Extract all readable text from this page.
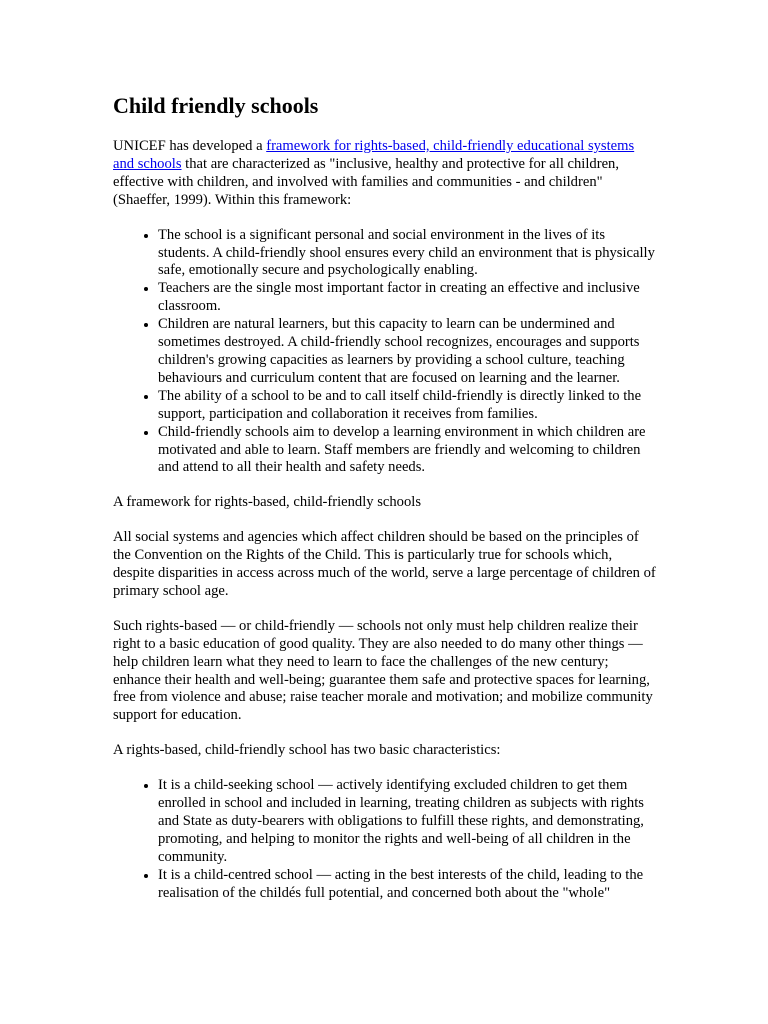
Child friendly schools

UNICEF has developed a framework for rights-based, child-friendly educational systems and schools that are characterized as "inclusive, healthy and protective for all children, effective with children, and involved with families and communities - and children" (Shaeffer, 1999). Within this framework:

• The school is a significant personal and social environment in the lives of its students. A child-friendly shool ensures every child an environment that is physically safe, emotionally secure and psychologically enabling.
• Teachers are the single most important factor in creating an effective and inclusive classroom.
• Children are natural learners, but this capacity to learn can be undermined and sometimes destroyed. A child-friendly school recognizes, encourages and supports children's growing capacities as learners by providing a school culture, teaching behaviours and curriculum content that are focused on learning and the learner.
• The ability of a school to be and to call itself child-friendly is directly linked to the support, participation and collaboration it receives from families.
• Child-friendly schools aim to develop a learning environment in which children are motivated and able to learn. Staff members are friendly and welcoming to children and attend to all their health and safety needs.

A framework for rights-based, child-friendly schools

All social systems and agencies which affect children should be based on the principles of the Convention on the Rights of the Child. This is particularly true for schools which, despite disparities in access across much of the world, serve a large percentage of children of primary school age.

Such rights-based — or child-friendly — schools not only must help children realize their right to a basic education of good quality. They are also needed to do many other things — help children learn what they need to learn to face the challenges of the new century; enhance their health and well-being; guarantee them safe and protective spaces for learning, free from violence and abuse; raise teacher morale and motivation; and mobilize community support for education.

A rights-based, child-friendly school has two basic characteristics:

• It is a child-seeking school — actively identifying excluded children to get them enrolled in school and included in learning, treating children as subjects with rights and State as duty-bearers with obligations to fulfill these rights, and demonstrating, promoting, and helping to monitor the rights and well-being of all children in the community.
• It is a child-centred school — acting in the best interests of the child, leading to the realisation of the childés full potential, and concerned both about the "whole"
